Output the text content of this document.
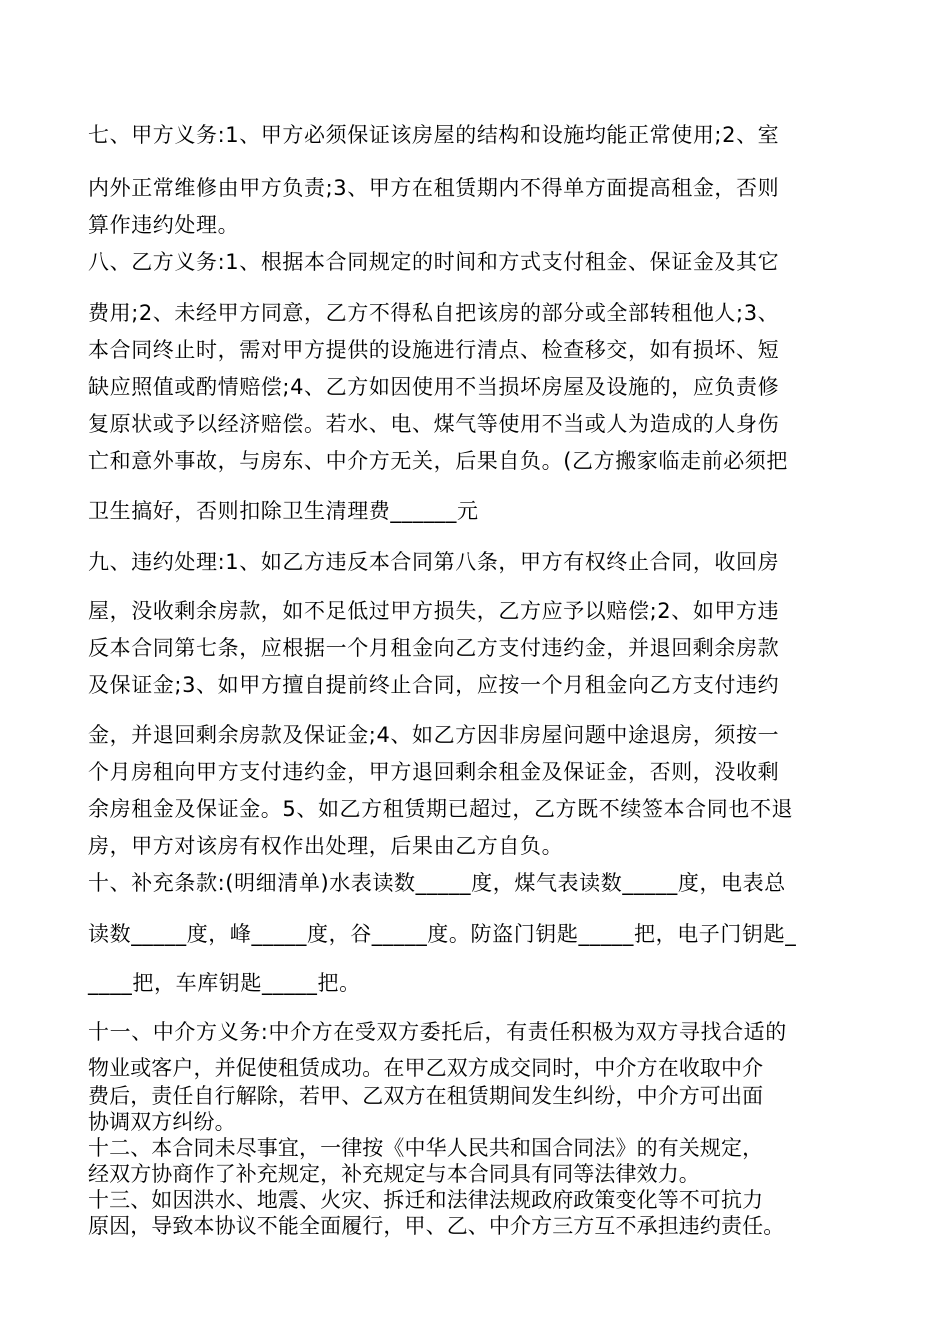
七、甲方义务:1、甲方必须保证该房屋的结构和设施均能正常使用;2、室

内外正常维修由甲方负责;3、甲方在租赁期内不得单方面提高租金，否则

算作违约处理。

八、乙方义务:1、根据本合同规定的时间和方式支付租金、保证金及其它

费用;2、未经甲方同意，乙方不得私自把该房的部分或全部转租他人;3、

本合同终止时，需对甲方提供的设施进行清点、检查移交，如有损坏、短

缺应照值或酌情赔偿;4、乙方如因使用不当损坏房屋及设施的，应负责修

复原状或予以经济赔偿。若水、电、煤气等使用不当或人为造成的人身伤

亡和意外事故，与房东、中介方无关，后果自负。(乙方搬家临走前必须把

卫生搞好，否则扣除卫生清理费______元

九、违约处理:1、如乙方违反本合同第八条，甲方有权终止合同，收回房

屋，没收剩余房款，如不足低过甲方损失，乙方应予以赔偿;2、如甲方违

反本合同第七条，应根据一个月租金向乙方支付违约金，并退回剩余房款

及保证金;3、如甲方擅自提前终止合同，应按一个月租金向乙方支付违约

金，并退回剩余房款及保证金;4、如乙方因非房屋问题中途退房，须按一

个月房租向甲方支付违约金，甲方退回剩余租金及保证金，否则，没收剩

余房租金及保证金。5、如乙方租赁期已超过，乙方既不续签本合同也不退

房，甲方对该房有权作出处理，后果由乙方自负。

十、补充条款:(明细清单)水表读数_____度，煤气表读数_____度，电表总

读数_____度，峰_____度，谷_____度。防盗门钥匙_____把，电子门钥匙_

____把，车库钥匙_____把。

十一、中介方义务:中介方在受双方委托后，有责任积极为双方寻找合适的

物业或客户，并促使租赁成功。在甲乙双方成交同时，中介方在收取中介

费后，责任自行解除，若甲、乙双方在租赁期间发生纠纷，中介方可出面

协调双方纠纷。

十二、本合同未尽事宜，一律按《中华人民共和国合同法》的有关规定，

经双方协商作了补充规定，补充规定与本合同具有同等法律效力。

十三、如因洪水、地震、火灾、拆迁和法律法规政府政策变化等不可抗力

原因，导致本协议不能全面履行，甲、乙、中介方三方互不承担违约责任。
